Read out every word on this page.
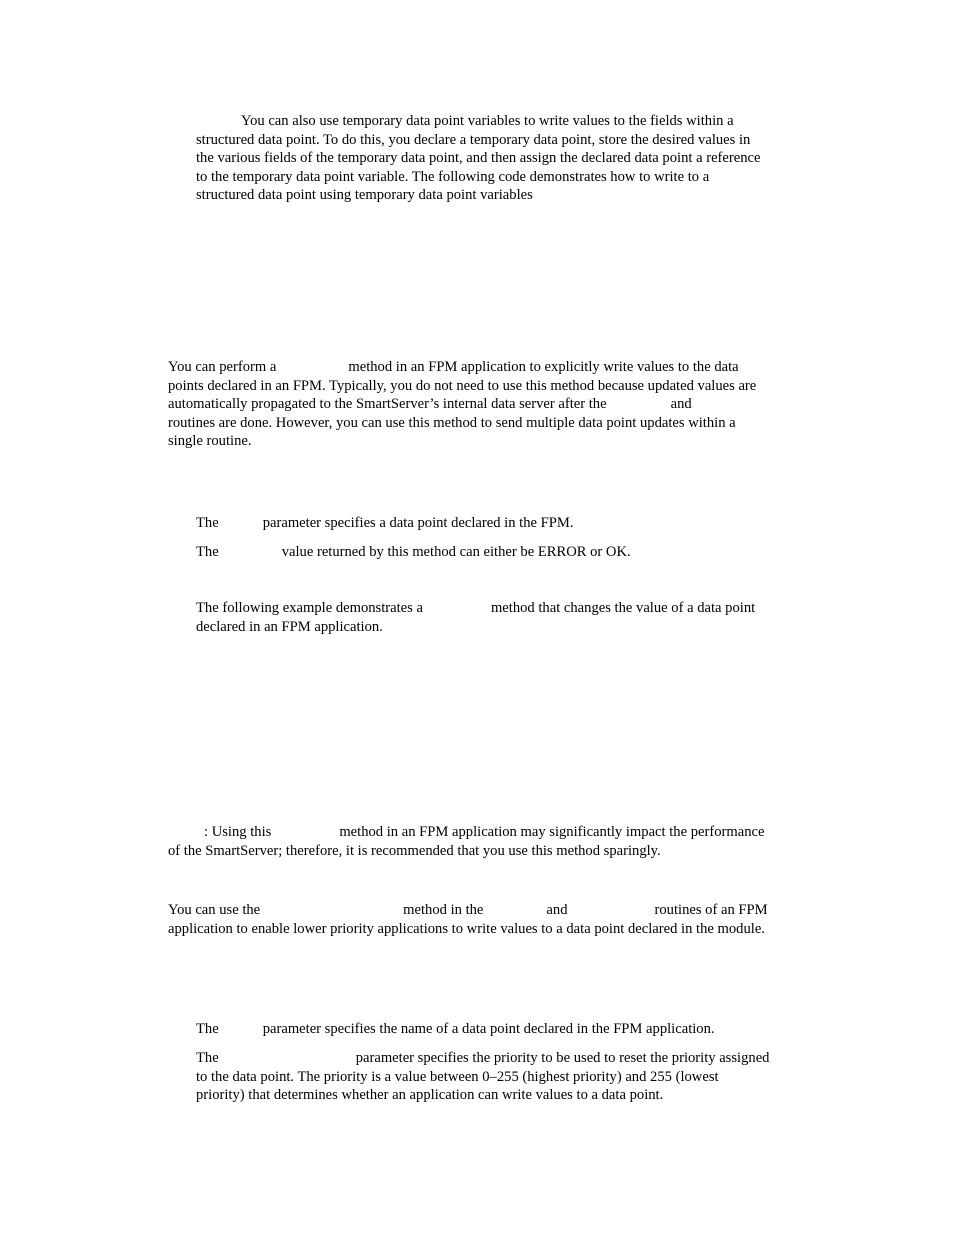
You can also use temporary data point variables to write values to the fields within a
structured data point. To do this, you declare a temporary data point, store the desired values in
the various fields of the temporary data point, and then assign the declared data point a reference
to the temporary data point variable. The following code demonstrates how to write to a
structured data point using temporary data point variables
You can perform a	method in an FPM application to explicitly write values to the data
points declared in an FPM. Typically, you do not need to use this method because updated values are
automatically propagated to the SmartServer’s internal data server after the	and
routines are done. However, you can use this method to send multiple data point updates within a
single routine.
The	parameter specifies a data point declared in the FPM.
The	value returned by this method can either be ERROR or OK.
The following example demonstrates a	method that changes the value of a data point
declared in an FPM application.
: Using this	method in an FPM application may significantly impact the performance
of the SmartServer; therefore, it is recommended that you use this method sparingly.
You can use the	method in the	and	routines of an FPM
application to enable lower priority applications to write values to a data point declared in the module.
The	parameter specifies the name of a data point declared in the FPM application.
The	parameter specifies the priority to be used to reset the priority assigned
to the data point. The priority is a value between 0–255 (highest priority) and 255 (lowest
priority) that determines whether an application can write values to a data point.
